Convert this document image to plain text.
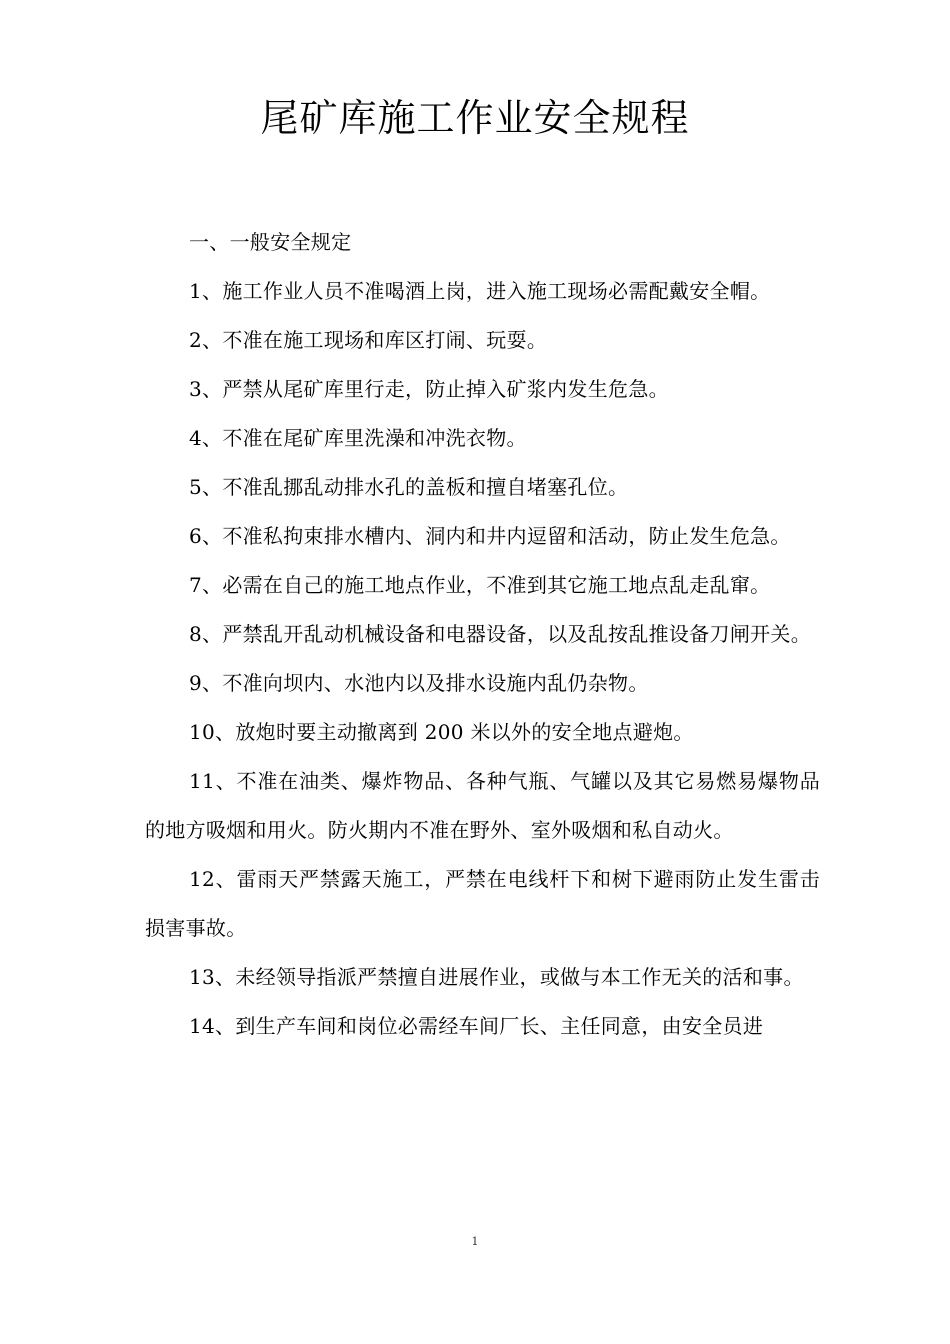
尾矿库施工作业安全规程

一、一般安全规定

1、施工作业人员不准喝酒上岗，进入施工现场必需配戴安全帽。

2、不准在施工现场和库区打闹、玩耍。

3、严禁从尾矿库里行走，防止掉入矿浆内发生危急。

4、不准在尾矿库里洗澡和冲洗衣物。

5、不准乱挪乱动排水孔的盖板和擅自堵塞孔位。

6、不准私拘束排水槽内、洞内和井内逗留和活动，防止发生危急。

7、必需在自己的施工地点作业，不准到其它施工地点乱走乱窜。

8、严禁乱开乱动机械设备和电器设备，以及乱按乱推设备刀闸开关。

9、不准向坝内、水池内以及排水设施内乱仍杂物。

10、放炮时要主动撤离到 200 米以外的安全地点避炮。

11、不准在油类、爆炸物品、各种气瓶、气罐以及其它易燃易爆物品的地方吸烟和用火。防火期内不准在野外、室外吸烟和私自动火。

12、雷雨天严禁露天施工，严禁在电线杆下和树下避雨防止发生雷击损害事故。

13、未经领导指派严禁擅自进展作业，或做与本工作无关的活和事。

14、到生产车间和岗位必需经车间厂长、主任同意，由安全员进

1
